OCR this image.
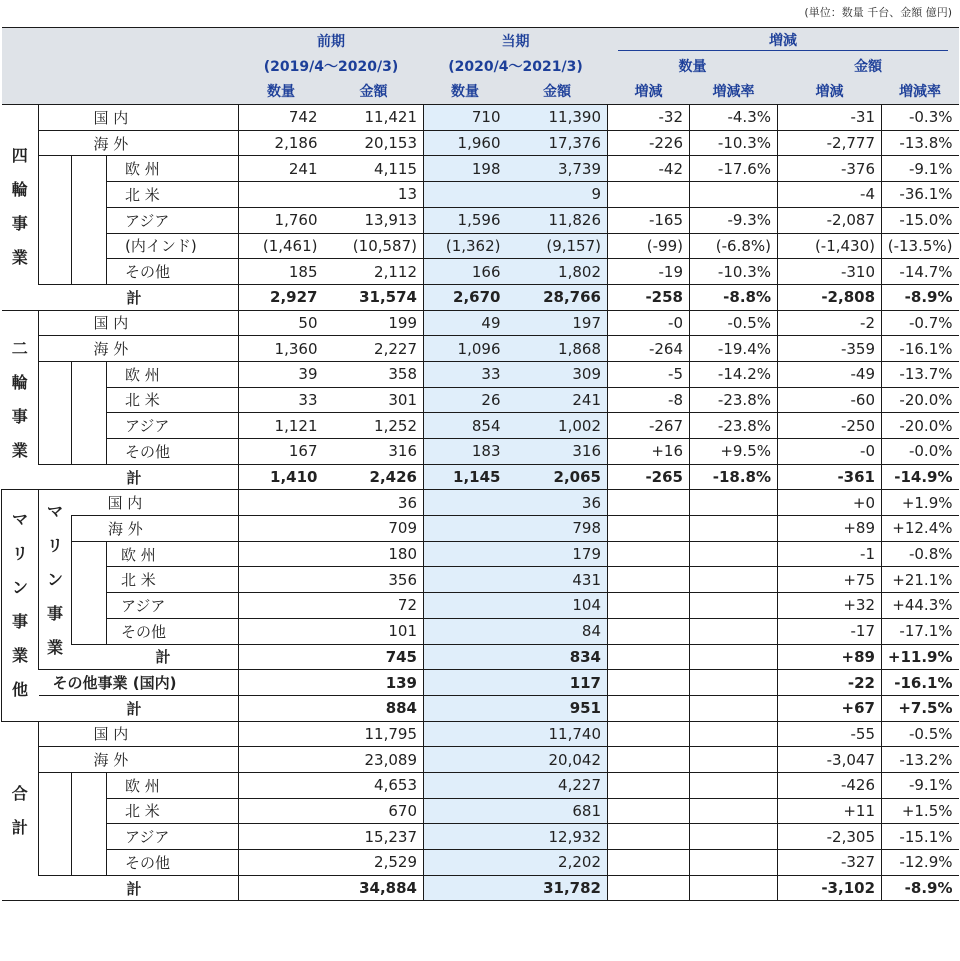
(単位：数量 千台、金額 億円)
				前期		当期		増減			
				(2019/4～2020/3)		(2020/4～2021/3)		数量		金額	
				数量	金額	数量	金額	増減	増減率	増減	増減率
四輪事業		国 内		742	11,421	710	11,390	-32	-4.3%	-31	-0.3%
		海 外		2,186	20,153	1,960	17,376	-226	-10.3%	-2,777	-13.8%
			欧 州	241	4,115	198	3,739	-42	-17.6%	-376	-9.1%
			北 米		13		9			-4	-36.1%
			アジア	1,760	13,913	1,596	11,826	-165	-9.3%	-2,087	-15.0%
			(内インド)	(1,461)	(10,587)	(1,362)	(9,157)	(-99)	(-6.8%)	(-1,430)	(-13.5%)
			その他	185	2,112	166	1,802	-19	-10.3%	-310	-14.7%
	計			2,927	31,574	2,670	28,766	-258	-8.8%	-2,808	-8.9%
二輪事業		国 内		50	199	49	197	-0	-0.5%	-2	-0.7%
		海 外		1,360	2,227	1,096	1,868	-264	-19.4%	-359	-16.1%
			欧 州	39	358	33	309	-5	-14.2%	-49	-13.7%
			北 米	33	301	26	241	-8	-23.8%	-60	-20.0%
			アジア	1,121	1,252	854	1,002	-267	-23.8%	-250	-20.0%
			その他	167	316	183	316	+16	+9.5%	-0	-0.0%
	計			1,410	2,426	1,145	2,065	-265	-18.8%	-361	-14.9%
マリン事業他	マリン事業	国 内			36		36			+0	+1.9%
		海 外			709		798			+89	+12.4%
			欧 州		180		179			-1	-0.8%
			北 米		356		431			+75	+21.1%
			アジア		72		104			+32	+44.3%
			その他		101		84			-17	-17.1%
		計			745		834			+89	+11.9%
	その他事業 (国内)				139		117			-22	-16.1%
	計				884		951			+67	+7.5%
合計		国 内			11,795		11,740			-55	-0.5%
		海 外			23,089		20,042			-3,047	-13.2%
			欧 州		4,653		4,227			-426	-9.1%
			北 米		670		681			+11	+1.5%
			アジア		15,237		12,932			-2,305	-15.1%
			その他		2,529		2,202			-327	-12.9%
	計				34,884		31,782			-3,102	-8.9%
